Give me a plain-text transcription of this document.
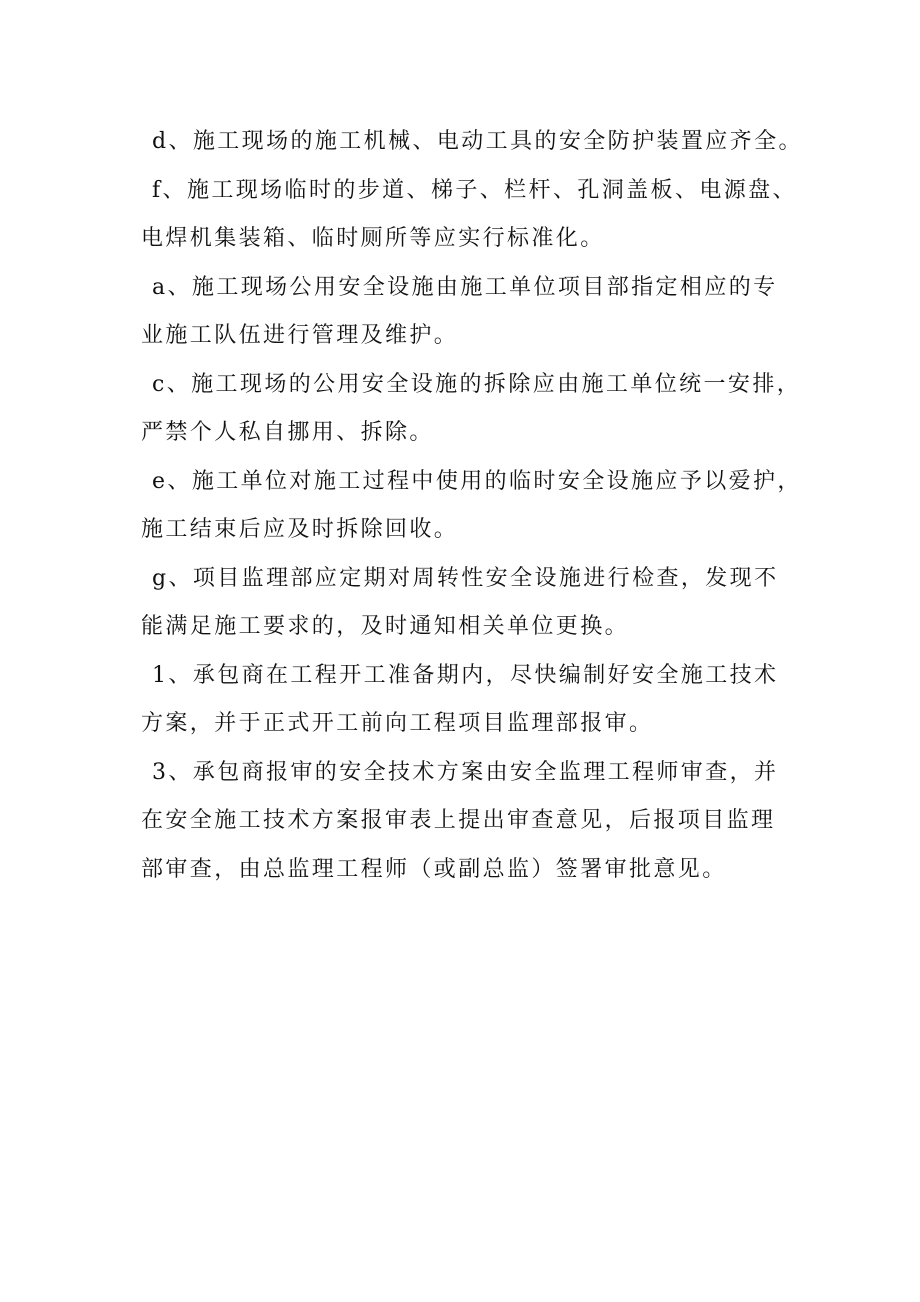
d、施工现场的施工机械、电动工具的安全防护装置应齐全。
f、施工现场临时的步道、梯子、栏杆、孔洞盖板、电源盘、
电焊机集装箱、临时厕所等应实行标准化。
a、施工现场公用安全设施由施工单位项目部指定相应的专
业施工队伍进行管理及维护。
c、施工现场的公用安全设施的拆除应由施工单位统一安排，
严禁个人私自挪用、拆除。
e、施工单位对施工过程中使用的临时安全设施应予以爱护，
施工结束后应及时拆除回收。
g、项目监理部应定期对周转性安全设施进行检查，发现不
能满足施工要求的，及时通知相关单位更换。
1、承包商在工程开工准备期内，尽快编制好安全施工技术
方案，并于正式开工前向工程项目监理部报审。
3、承包商报审的安全技术方案由安全监理工程师审查，并
在安全施工技术方案报审表上提出审查意见，后报项目监理
部审查，由总监理工程师（或副总监）签署审批意见。
